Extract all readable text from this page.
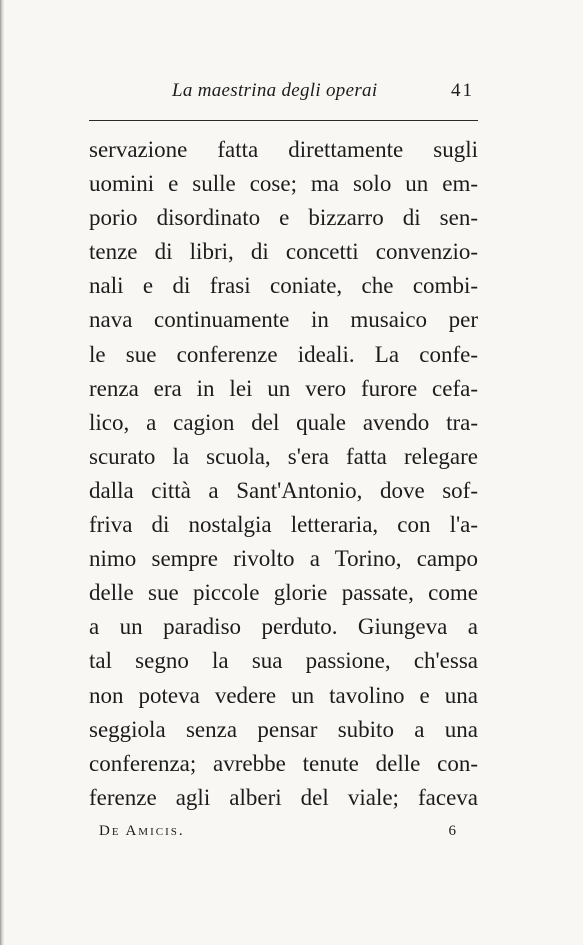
La maestrina degli operai	41
servazione fatta direttamente sugli
uomini e sulle cose; ma solo un em-
porio disordinato e bizzarro di sen-
tenze di libri, di concetti convenzio-
nali e di frasi coniate, che combi-
nava continuamente in musaico per
le sue conferenze ideali. La confe-
renza era in lei un vero furore cefa-
lico, a cagion del quale avendo tra-
scurato la scuola, s'era fatta relegare
dalla città a Sant'Antonio, dove sof-
friva di nostalgia letteraria, con l'a-
nimo sempre rivolto a Torino, campo
delle sue piccole glorie passate, come
a un paradiso perduto. Giungeva a
tal segno la sua passione, ch'essa
non poteva vedere un tavolino e una
seggiola senza pensar subito a una
conferenza; avrebbe tenute delle con-
ferenze agli alberi del viale; faceva
De Amicis.	6
